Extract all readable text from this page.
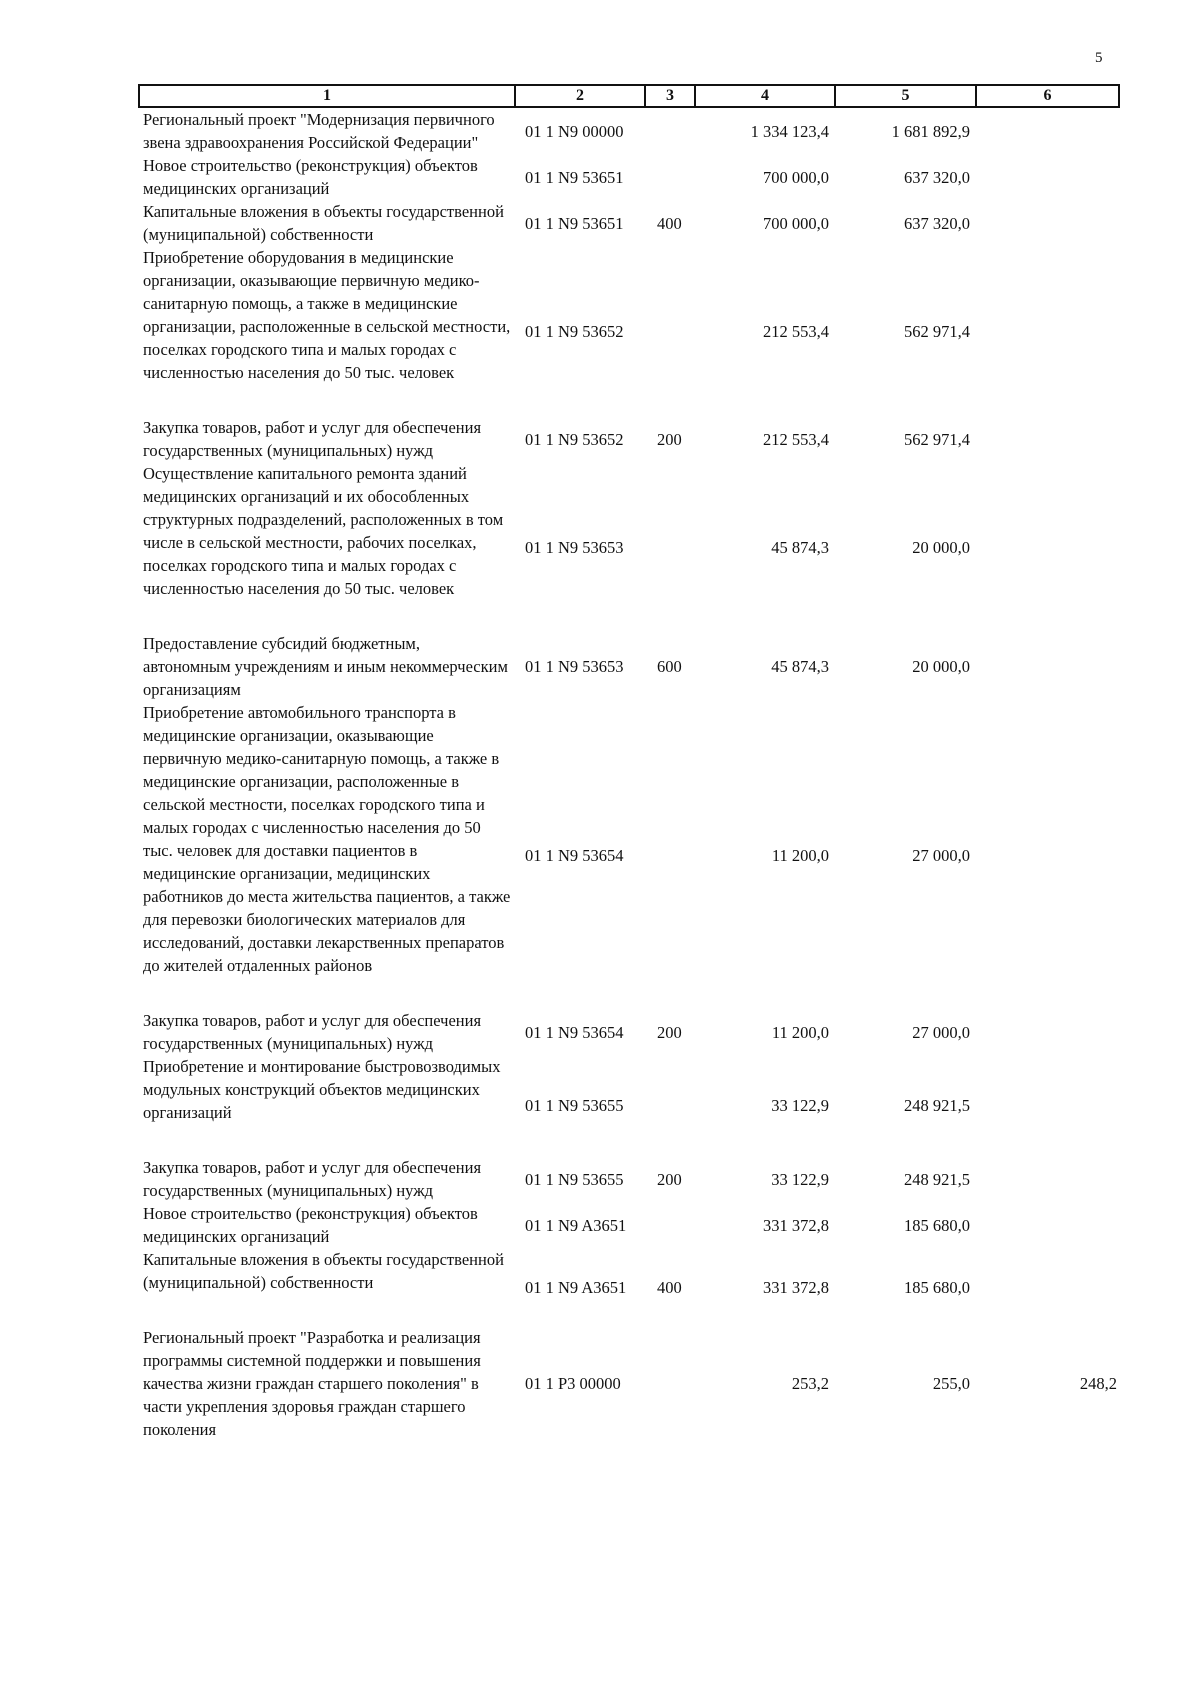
5
1	2	3	4	5	6
Региональный проект "Модернизация первичного звена здравоохранения Российской Федерации"	01 1 N9 00000		1 334 123,4	1 681 892,9	
Новое строительство (реконструкция) объектов медицинских организаций	01 1 N9 53651		700 000,0	637 320,0	
Капитальные вложения в объекты государственной (муниципальной) собственности	01 1 N9 53651	400	700 000,0	637 320,0	
Приобретение оборудования в медицинские организации, оказывающие первичную медико-санитарную помощь, а также в медицинские организации, расположенные в сельской местности, поселках городского типа и малых городах с численностью населения до 50 тыс. человек	01 1 N9 53652		212 553,4	562 971,4	
Закупка товаров, работ и услуг для обеспечения государственных (муниципальных) нужд	01 1 N9 53652	200	212 553,4	562 971,4	
Осуществление капитального ремонта зданий медицинских организаций и их обособленных структурных подразделений, расположенных в том числе в сельской местности, рабочих поселках, поселках городского типа и малых городах с численностью населения до 50 тыс. человек	01 1 N9 53653		45 874,3	20 000,0	
Предоставление субсидий бюджетным, автономным учреждениям и иным некоммерческим организациям	01 1 N9 53653	600	45 874,3	20 000,0	
Приобретение автомобильного транспорта в медицинские организации, оказывающие первичную медико-санитарную помощь, а также в медицинские организации, расположенные в сельской местности, поселках городского типа и малых городах с численностью населения до 50 тыс. человек для доставки пациентов в медицинские организации, медицинских работников до места жительства пациентов, а также для перевозки биологических материалов для исследований, доставки лекарственных препаратов до жителей отдаленных районов	01 1 N9 53654		11 200,0	27 000,0	
Закупка товаров, работ и услуг для обеспечения государственных (муниципальных) нужд	01 1 N9 53654	200	11 200,0	27 000,0	
Приобретение и монтирование быстровозводимых модульных конструкций объектов медицинских организаций	01 1 N9 53655		33 122,9	248 921,5	
Закупка товаров, работ и услуг для обеспечения государственных (муниципальных) нужд	01 1 N9 53655	200	33 122,9	248 921,5	
Новое строительство (реконструкция) объектов медицинских организаций	01 1 N9 A3651		331 372,8	185 680,0	
Капитальные вложения в объекты государственной (муниципальной) собственности	01 1 N9 A3651	400	331 372,8	185 680,0	
Региональный проект "Разработка и реализация программы системной поддержки и повышения качества жизни граждан старшего поколения" в части укрепления здоровья граждан старшего поколения	01 1 P3 00000		253,2	255,0	248,2
